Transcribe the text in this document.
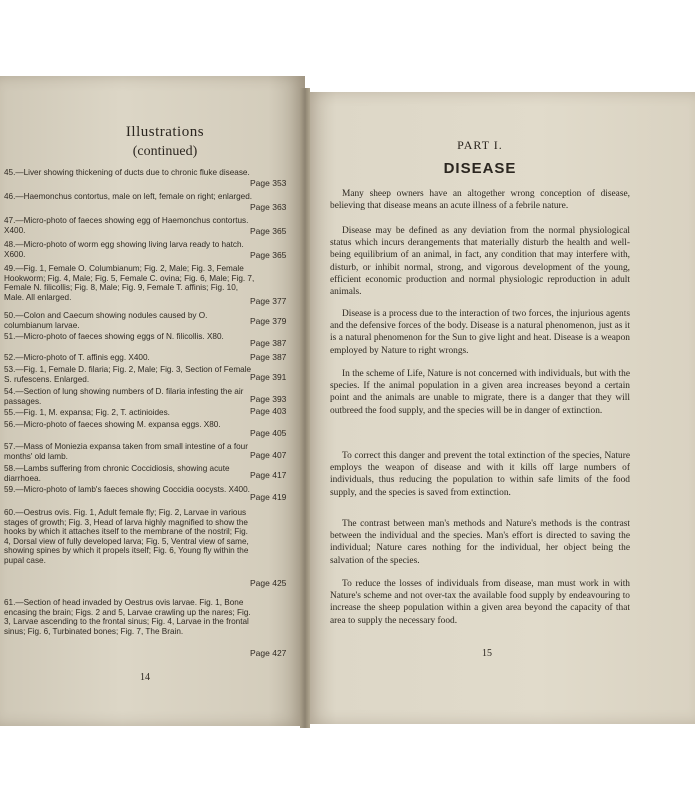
Illustrations
(continued)
45.—Liver showing thickening of ducts due to chronic fluke disease.
Page 353
46.—Haemonchus contortus, male on left, female on right; enlarged.
Page 363
47.—Micro-photo of faeces showing egg of Haemonchus contortus. X400.	Page 365
48.—Micro-photo of worm egg showing living larva ready to hatch. X600.	Page 365
49.—Fig. 1, Female O. Columbianum; Fig. 2, Male; Fig. 3, Female Hookworm; Fig. 4, Male; Fig. 5, Female C. ovina; Fig. 6, Male; Fig. 7, Female N. filicollis; Fig. 8, Male; Fig. 9, Female T. affinis; Fig. 10, Male. All enlarged.	Page 377
50.—Colon and Caecum showing nodules caused by O. columbianum larvae.	Page 379
51.—Micro-photo of faeces showing eggs of N. filicollis. X80.
Page 387
52.—Micro-photo of T. affinis egg. X400.	Page 387
53.—Fig. 1, Female D. filaria; Fig. 2, Male; Fig. 3, Section of Female S. rufescens. Enlarged.	Page 391
54.—Section of lung showing numbers of D. filaria infesting the air passages.	Page 393
55.—Fig. 1, M. expansa; Fig. 2, T. actinioides.	Page 403
56.—Micro-photo of faeces showing M. expansa eggs. X80.
Page 405
57.—Mass of Moniezia expansa taken from small intestine of a four months' old lamb.	Page 407
58.—Lambs suffering from chronic Coccidiosis, showing acute diarrhoea.	Page 417
59.—Micro-photo of lamb's faeces showing Coccidia oocysts. X400.
Page 419
60.—Oestrus ovis. Fig. 1, Adult female fly; Fig. 2, Larvae in various stages of growth; Fig. 3, Head of larva highly magnified to show the hooks by which it attaches itself to the membrane of the nostril; Fig. 4, Dorsal view of fully developed larva; Fig. 5, Ventral view of same, showing spines by which it propels itself; Fig. 6, Young fly within the pupal case.
Page 425
61.—Section of head invaded by Oestrus ovis larvae. Fig. 1, Bone encasing the brain; Figs. 2 and 5, Larvae crawling up the nares; Fig. 3, Larvae ascending to the frontal sinus; Fig. 4, Larvae in the frontal sinus; Fig. 6, Turbinated bones; Fig. 7, The Brain.
Page 427
14
PART I.
DISEASE
Many sheep owners have an altogether wrong conception of disease, believing that disease means an acute illness of a febrile nature.
Disease may be defined as any deviation from the normal physiological status which incurs derangements that materially disturb the health and well-being equilibrium of an animal, in fact, any condition that may interfere with, disturb, or inhibit normal, strong, and vigorous development of the young, efficient economic production and normal physiologic reproduction in adult animals.
Disease is a process due to the interaction of two forces, the injurious agents and the defensive forces of the body. Disease is a natural phenomenon, just as it is a natural phenomenon for the Sun to give light and heat. Disease is a weapon employed by Nature to right wrongs.
In the scheme of Life, Nature is not concerned with individuals, but with the species. If the animal population in a given area increases beyond a certain point and the animals are unable to migrate, there is a danger that they will outbreed the food supply, and the species will be in danger of extinction.
To correct this danger and prevent the total extinction of the species, Nature employs the weapon of disease and with it kills off large numbers of individuals, thus reducing the population to within safe limits of the food supply, and the species is saved from extinction.
The contrast between man's methods and Nature's methods is the contrast between the individual and the species. Man's effort is directed to saving the individual; Nature cares nothing for the individual, her object being the salvation of the species.
To reduce the losses of individuals from disease, man must work in with Nature's scheme and not over-tax the available food supply by endeavouring to increase the sheep population within a given area beyond the capacity of that area to supply the necessary food.
15
